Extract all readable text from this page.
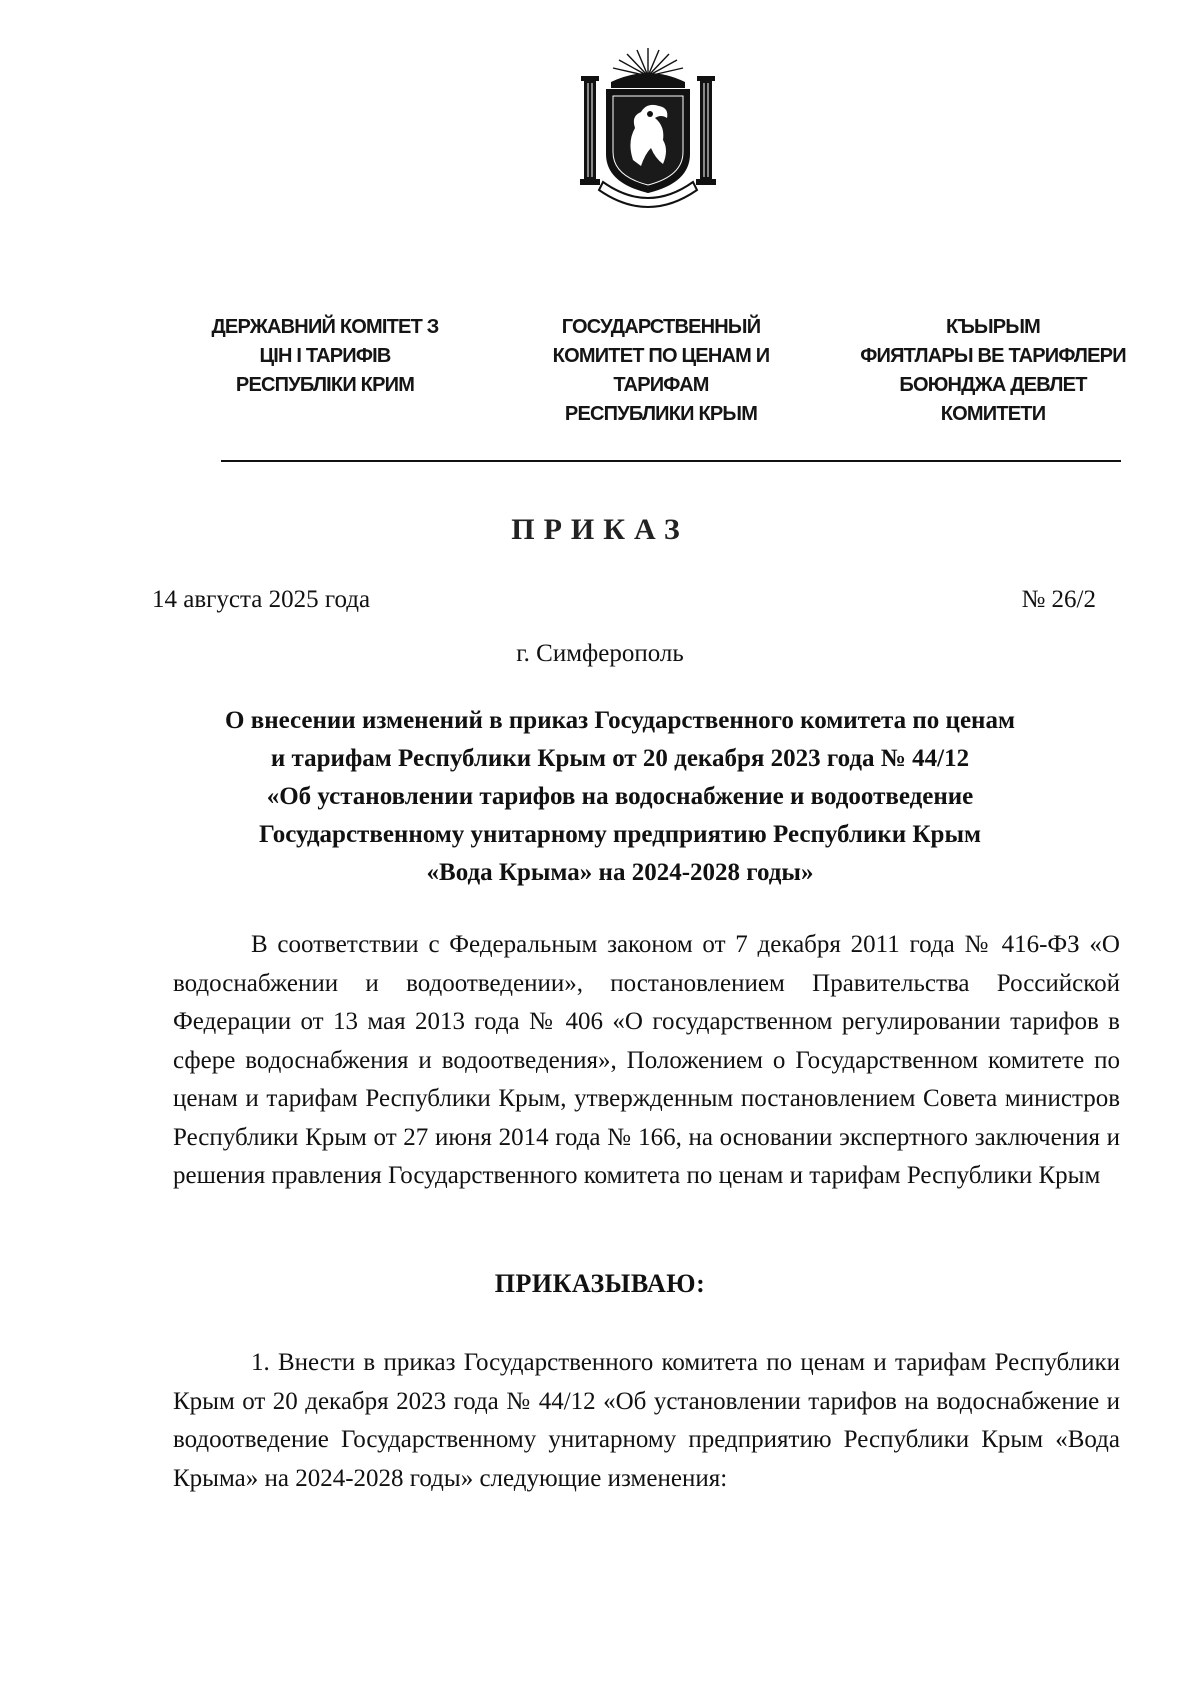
ДЕРЖАВНИЙ КОМІТЕТ З
ЦІН І ТАРИФІВ
РЕСПУБЛІКИ КРИМ
ГОСУДАРСТВЕННЫЙ
КОМИТЕТ ПО ЦЕНАМ И
ТАРИФАМ
РЕСПУБЛИКИ КРЫМ
КЪЫРЫМ
ФИЯТЛАРЫ ВЕ ТАРИФЛЕРИ
БОЮНДЖА ДЕВЛЕТ
КОМИТЕТИ
ПРИКАЗ
14 августа 2025 года	№ 26/2
г. Симферополь
О внесении изменений в приказ Государственного комитета по ценам
и тарифам Республики Крым от 20 декабря 2023 года № 44/12
«Об установлении тарифов на водоснабжение и водоотведение
Государственному унитарному предприятию Республики Крым
«Вода Крыма» на 2024-2028 годы»

В соответствии с Федеральным законом от 7 декабря 2011 года № 416-ФЗ «О водоснабжении и водоотведении», постановлением Правительства Российской Федерации от 13 мая 2013 года № 406 «О государственном регулировании тарифов в сфере водоснабжения и водоотведения», Положением о Государственном комитете по ценам и тарифам Республики Крым, утвержденным постановлением Совета министров Республики Крым от 27 июня 2014 года № 166, на основании экспертного заключения и решения правления Государственного комитета по ценам и тарифам Республики Крым

ПРИКАЗЫВАЮ:

1. Внести в приказ Государственного комитета по ценам и тарифам Республики Крым от 20 декабря 2023 года № 44/12 «Об установлении тарифов на водоснабжение и водоотведение Государственному унитарному предприятию Республики Крым «Вода Крыма» на 2024-2028 годы» следующие изменения:
